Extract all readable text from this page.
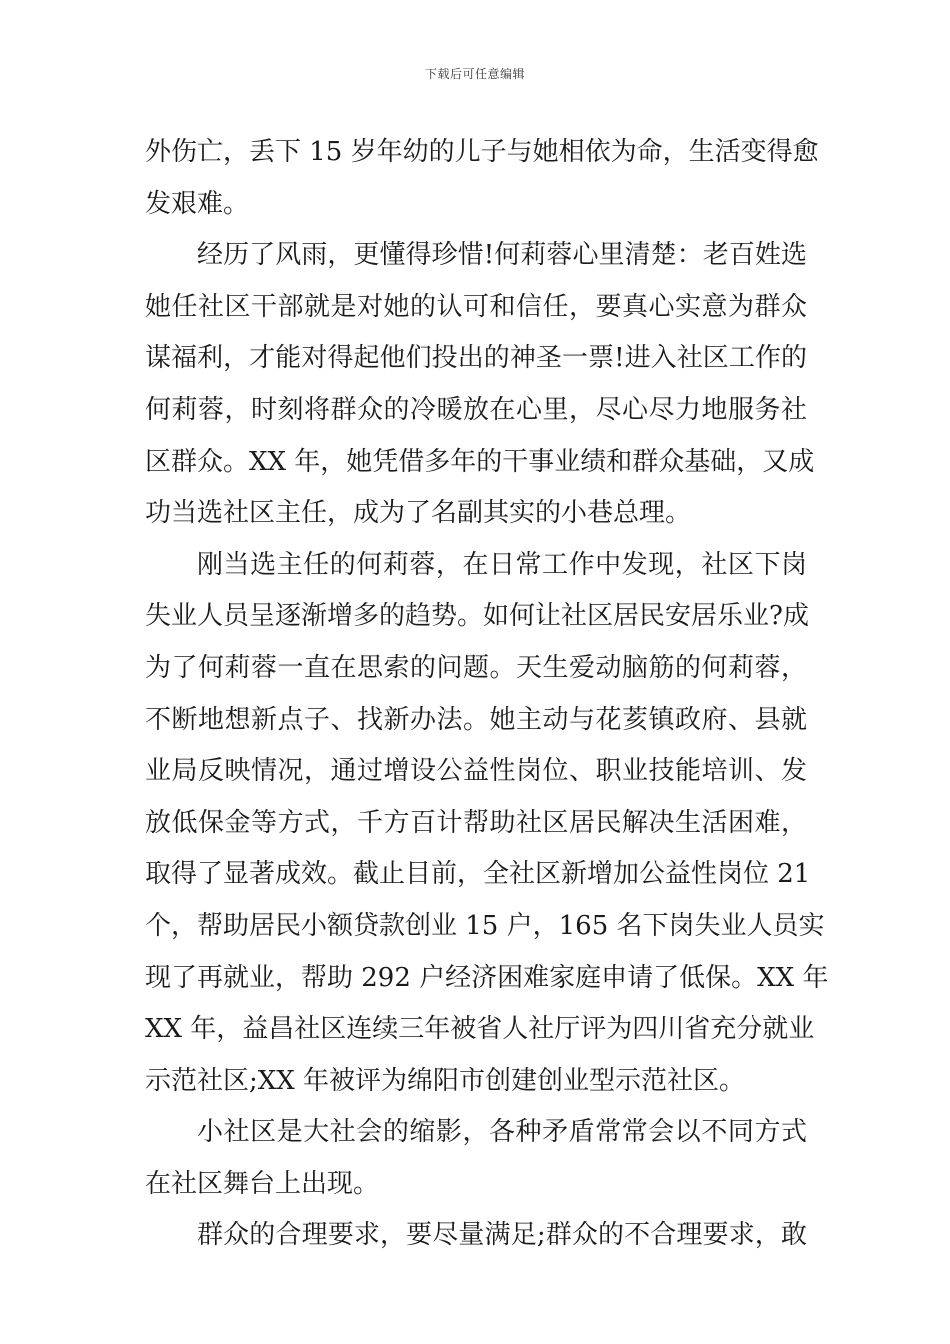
下载后可任意编辑
外伤亡，丢下 15 岁年幼的儿子与她相依为命，生活变得愈
发艰难。
经历了风雨，更懂得珍惜!何莉蓉心里清楚：老百姓选
她任社区干部就是对她的认可和信任，要真心实意为群众
谋福利，才能对得起他们投出的神圣一票!进入社区工作的
何莉蓉，时刻将群众的冷暖放在心里，尽心尽力地服务社
区群众。XX 年，她凭借多年的干事业绩和群众基础，又成
功当选社区主任，成为了名副其实的小巷总理。
刚当选主任的何莉蓉，在日常工作中发现，社区下岗
失业人员呈逐渐增多的趋势。如何让社区居民安居乐业?成
为了何莉蓉一直在思索的问题。天生爱动脑筋的何莉蓉，
不断地想新点子、找新办法。她主动与花荄镇政府、县就
业局反映情况，通过增设公益性岗位、职业技能培训、发
放低保金等方式，千方百计帮助社区居民解决生活困难，
取得了显著成效。截止目前，全社区新增加公益性岗位 21
个，帮助居民小额贷款创业 15 户，165 名下岗失业人员实
现了再就业，帮助 292 户经济困难家庭申请了低保。XX 年
XX 年，益昌社区连续三年被省人社厅评为四川省充分就业
示范社区;XX 年被评为绵阳市创建创业型示范社区。
小社区是大社会的缩影，各种矛盾常常会以不同方式
在社区舞台上出现。
群众的合理要求，要尽量满足;群众的不合理要求，敢
